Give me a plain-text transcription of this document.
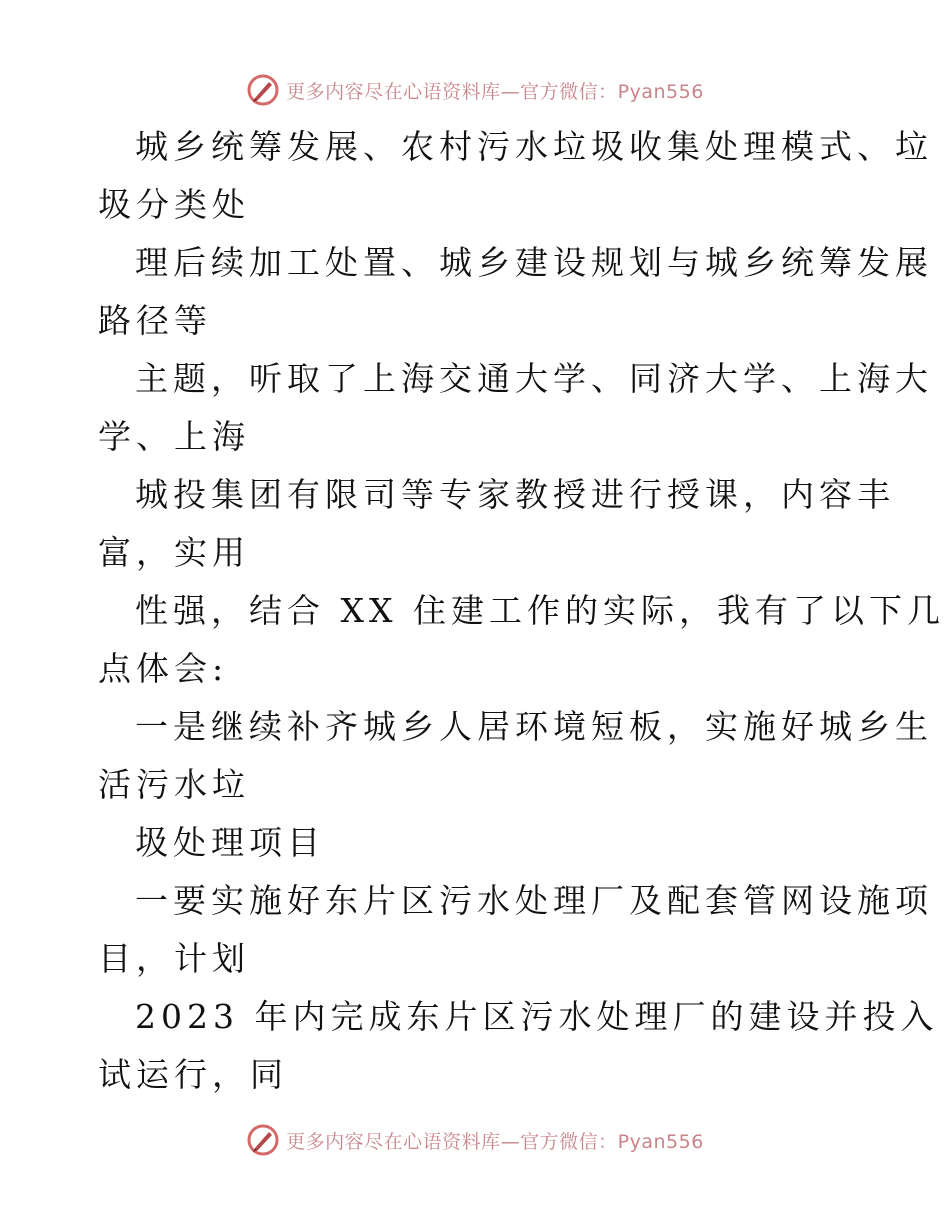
更多内容尽在心语资料库—官方微信：Pyan556
城乡统筹发展、农村污水垃圾收集处理模式、垃
圾分类处
理后续加工处置、城乡建设规划与城乡统筹发展
路径等
主题，听取了上海交通大学、同济大学、上海大
学、上海
城投集团有限司等专家教授进行授课，内容丰
富，实用
性强，结合 XX 住建工作的实际，我有了以下几
点体会:
一是继续补齐城乡人居环境短板，实施好城乡生
活污水垃
圾处理项目
一要实施好东片区污水处理厂及配套管网设施项
目，计划
2023 年内完成东片区污水处理厂的建设并投入
试运行，同
更多内容尽在心语资料库—官方微信：Pyan556
